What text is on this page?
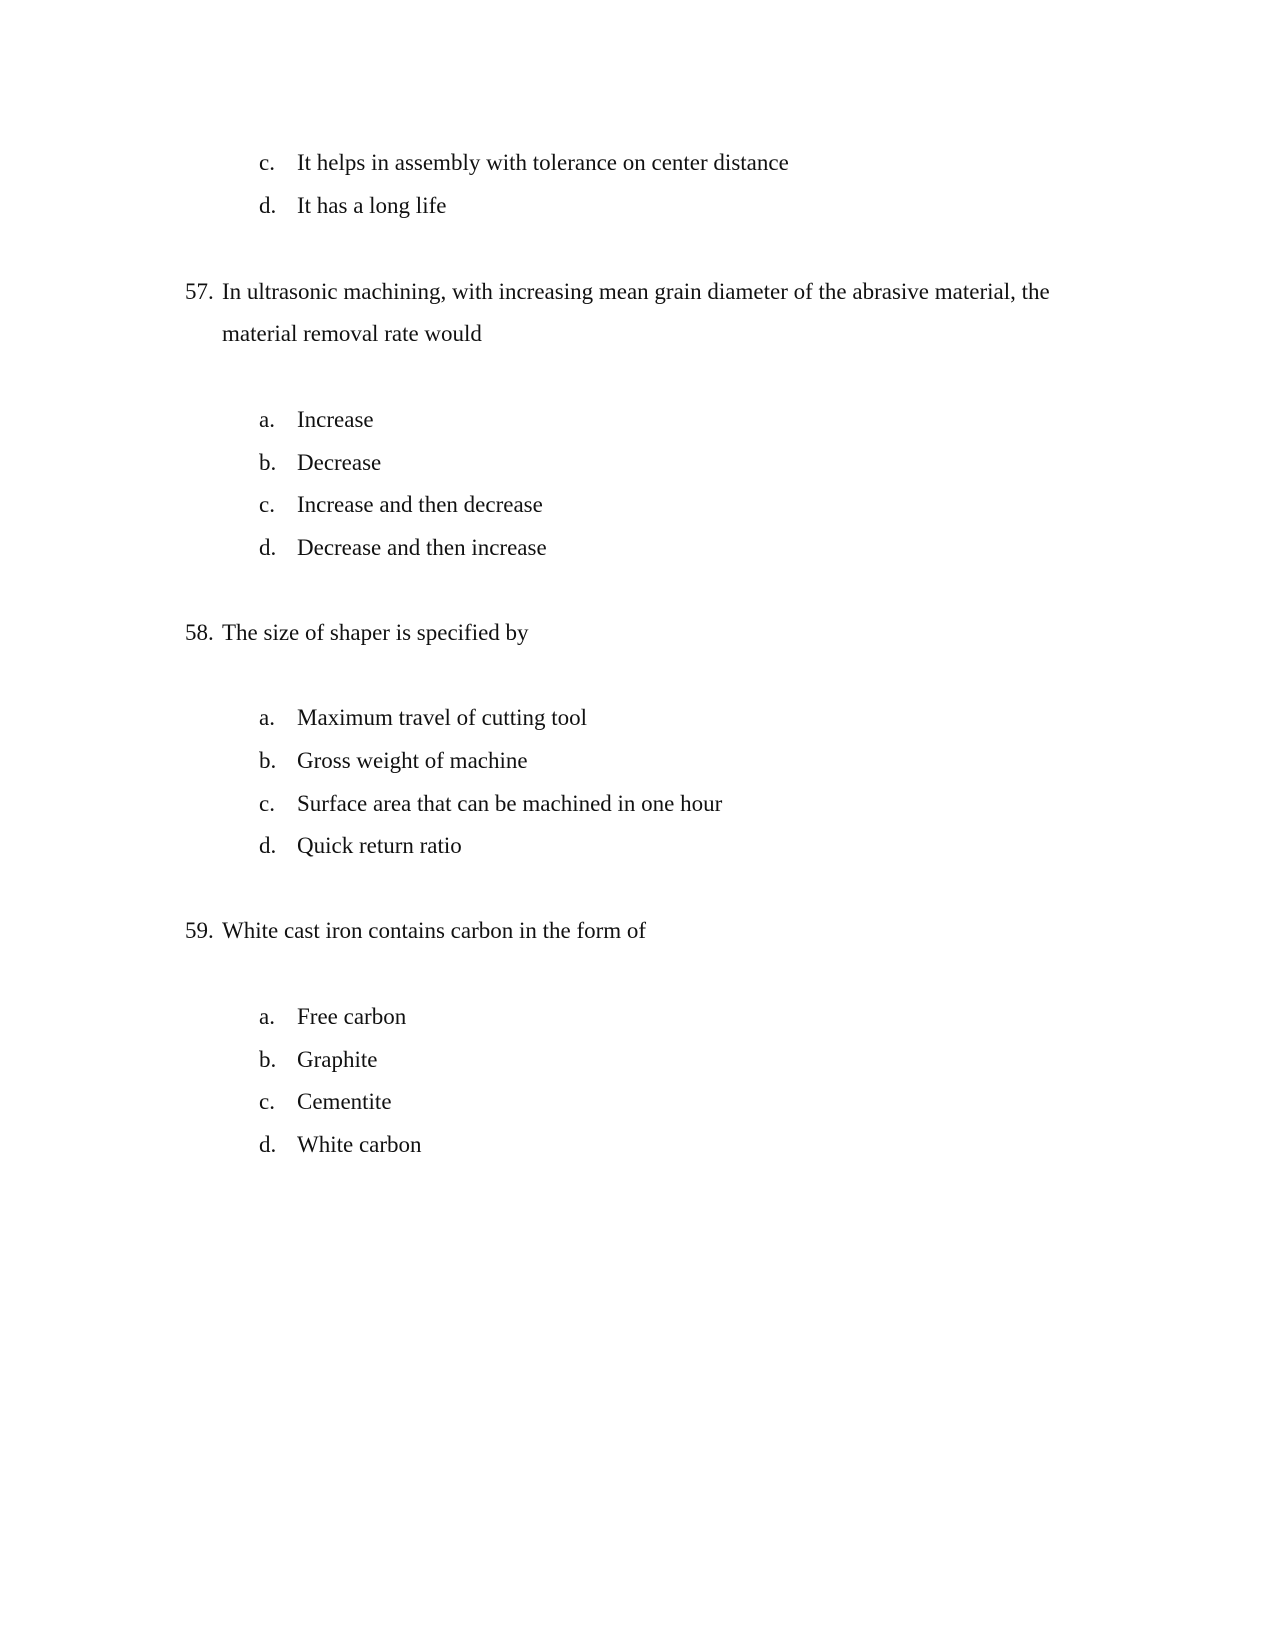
c. It helps in assembly with tolerance on center distance
d. It has a long life
57. In ultrasonic machining, with increasing mean grain diameter of the abrasive material, the
material removal rate would
a. Increase
b. Decrease
c. Increase and then decrease
d. Decrease and then increase
58. The size of shaper is specified by
a. Maximum travel of cutting tool
b. Gross weight of machine
c. Surface area that can be machined in one hour
d. Quick return ratio
59. White cast iron contains carbon in the form of
a. Free carbon
b. Graphite
c. Cementite
d. White carbon
